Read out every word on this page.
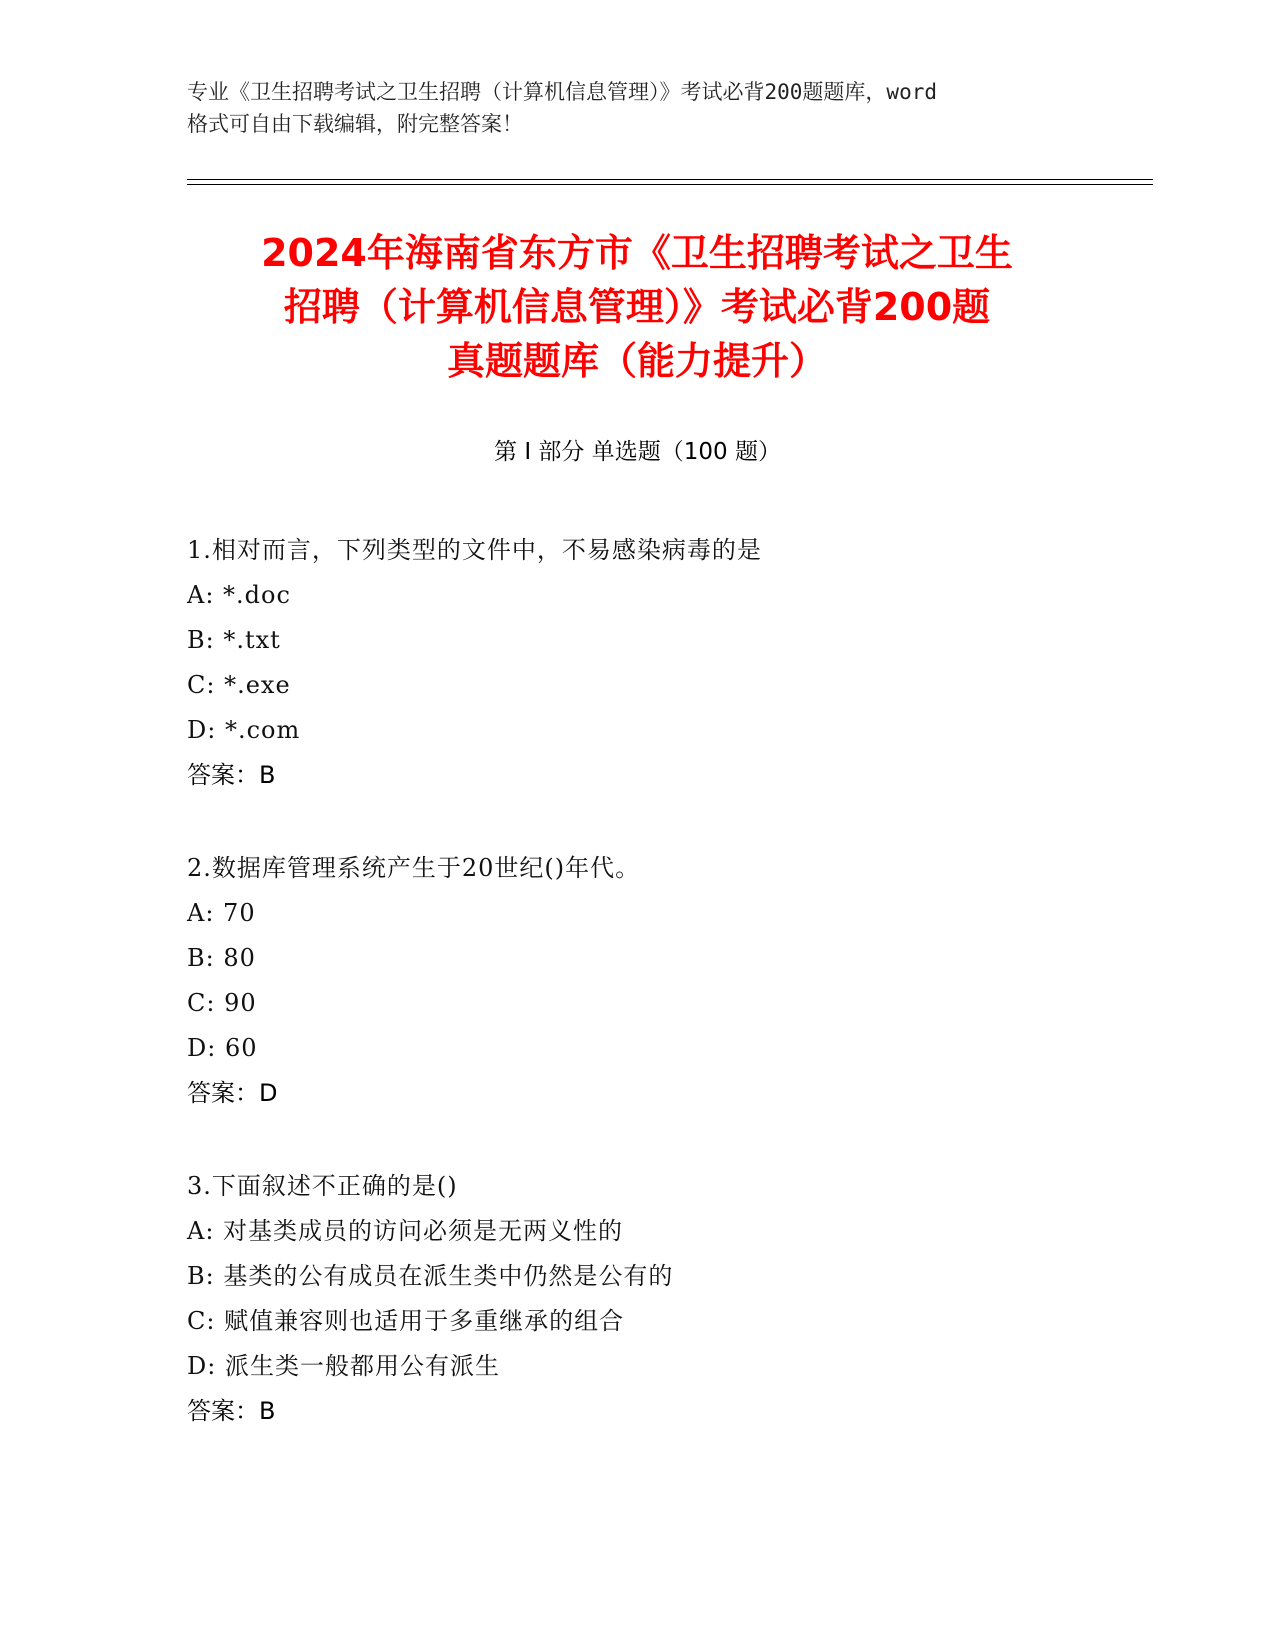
专业《卫生招聘考试之卫生招聘（计算机信息管理）》考试必背200题题库，word
格式可自由下载编辑，附完整答案！
2024年海南省东方市《卫生招聘考试之卫生
招聘（计算机信息管理）》考试必背200题
真题题库（能力提升）
第 I 部分 单选题（100 题）
1.相对而言，下列类型的文件中，不易感染病毒的是
A: *.doc
B: *.txt
C: *.exe
D: *.com
答案：B
2.数据库管理系统产生于20世纪()年代。
A: 70
B: 80
C: 90
D: 60
答案：D
3.下面叙述不正确的是()
A: 对基类成员的访问必须是无两义性的
B: 基类的公有成员在派生类中仍然是公有的
C: 赋值兼容则也适用于多重继承的组合
D: 派生类一般都用公有派生
答案：B
